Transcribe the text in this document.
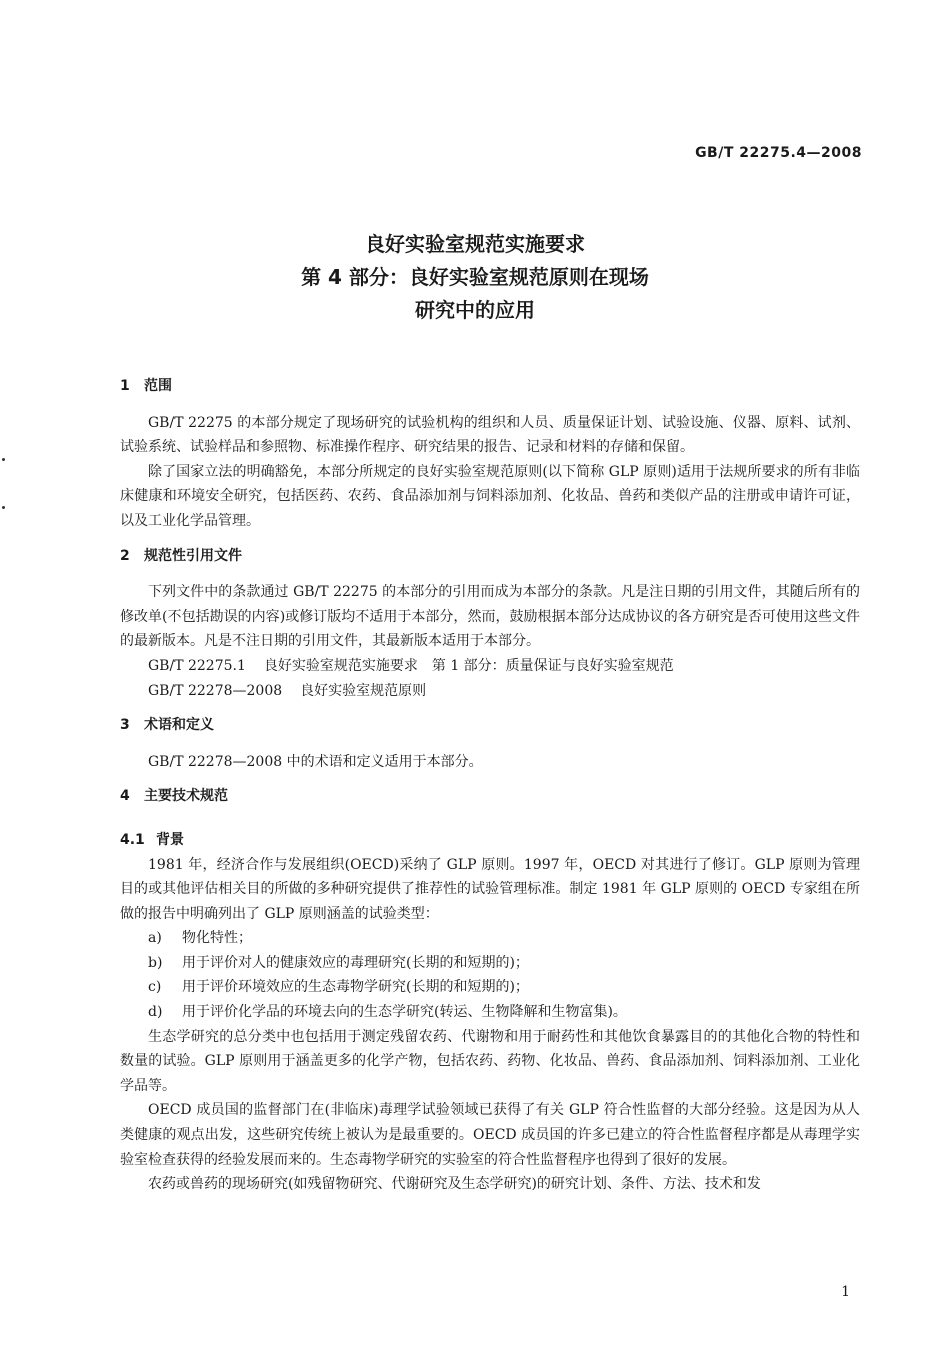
GB/T 22275.4—2008
良好实验室规范实施要求
第 4 部分：良好实验室规范原则在现场
研究中的应用
1 范围

GB/T 22275 的本部分规定了现场研究的试验机构的组织和人员、质量保证计划、试验设施、仪器、原料、试剂、试验系统、试验样品和参照物、标准操作程序、研究结果的报告、记录和材料的存储和保留。

除了国家立法的明确豁免，本部分所规定的良好实验室规范原则(以下简称 GLP 原则)适用于法规所要求的所有非临床健康和环境安全研究，包括医药、农药、食品添加剂与饲料添加剂、化妆品、兽药和类似产品的注册或申请许可证，以及工业化学品管理。

2 规范性引用文件

下列文件中的条款通过 GB/T 22275 的本部分的引用而成为本部分的条款。凡是注日期的引用文件，其随后所有的修改单(不包括勘误的内容)或修订版均不适用于本部分，然而，鼓励根据本部分达成协议的各方研究是否可使用这些文件的最新版本。凡是不注日期的引用文件，其最新版本适用于本部分。

GB/T 22275.1 良好实验室规范实施要求　第 1 部分：质量保证与良好实验室规范
GB/T 22278—2008 良好实验室规范原则
3 术语和定义

GB/T 22278—2008 中的术语和定义适用于本部分。

4 主要技术规范
4.1 背景

1981 年，经济合作与发展组织(OECD)采纳了 GLP 原则。1997 年，OECD 对其进行了修订。GLP 原则为管理目的或其他评估相关目的所做的多种研究提供了推荐性的试验管理标准。制定 1981 年 GLP 原则的 OECD 专家组在所做的报告中明确列出了 GLP 原则涵盖的试验类型：

a) 物化特性；
b) 用于评价对人的健康效应的毒理研究(长期的和短期的)；
c) 用于评价环境效应的生态毒物学研究(长期的和短期的)；
d) 用于评价化学品的环境去向的生态学研究(转运、生物降解和生物富集)。

生态学研究的总分类中也包括用于测定残留农药、代谢物和用于耐药性和其他饮食暴露目的的其他化合物的特性和数量的试验。GLP 原则用于涵盖更多的化学产物，包括农药、药物、化妆品、兽药、食品添加剂、饲料添加剂、工业化学品等。

OECD 成员国的监督部门在(非临床)毒理学试验领域已获得了有关 GLP 符合性监督的大部分经验。这是因为从人类健康的观点出发，这些研究传统上被认为是最重要的。OECD 成员国的许多已建立的符合性监督程序都是从毒理学实验室检查获得的经验发展而来的。生态毒物学研究的实验室的符合性监督程序也得到了很好的发展。

农药或兽药的现场研究(如残留物研究、代谢研究及生态学研究)的研究计划、条件、方法、技术和发

1
